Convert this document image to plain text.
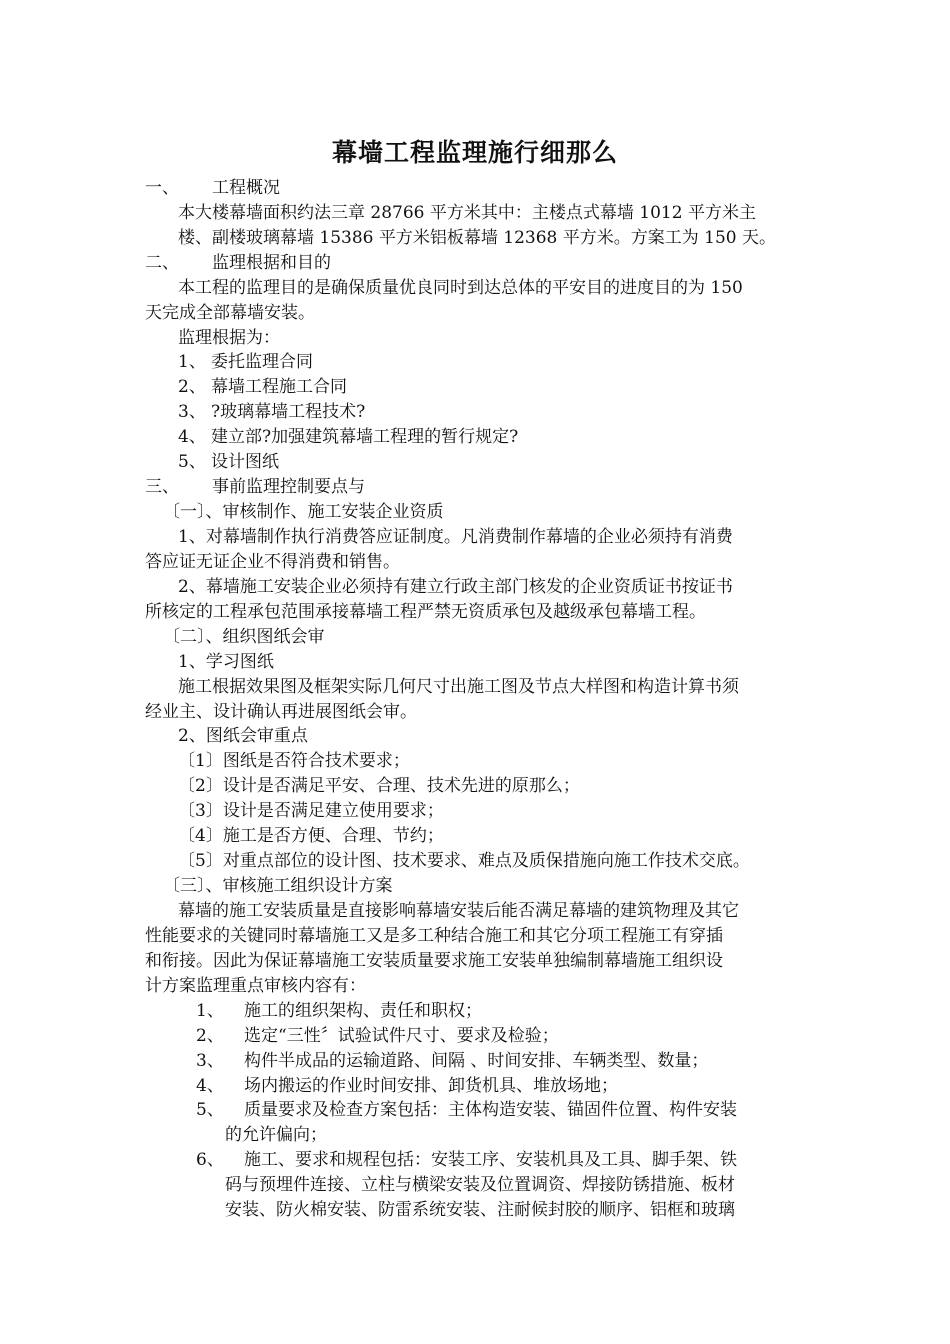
幕墙工程监理施行细那么
一、 工程概况
本大楼幕墙面积约法三章 28766 平方米其中：主楼点式幕墙 1012 平方米主
楼、副楼玻璃幕墙 15386 平方米铝板幕墙 12368 平方米。方案工为 150 天。
二、 监理根据和目的
本工程的监理目的是确保质量优良同时到达总体的平安目的进度目的为 150
天完成全部幕墙安装。
监理根据为：
1、 委托监理合同
2、 幕墙工程施工合同
3、 ?玻璃幕墙工程技术?
4、 建立部?加强建筑幕墙工程理的暂行规定?
5、 设计图纸
三、 事前监理控制要点与
〔一〕、审核制作、施工安装企业资质
1、对幕墙制作执行消费答应证制度。凡消费制作幕墙的企业必须持有消费
答应证无证企业不得消费和销售。
2、幕墙施工安装企业必须持有建立行政主部门核发的企业资质证书按证书
所核定的工程承包范围承接幕墙工程严禁无资质承包及越级承包幕墙工程。
〔二〕、组织图纸会审
1、学习图纸
施工根据效果图及框架实际几何尺寸出施工图及节点大样图和构造计算书须
经业主、设计确认再进展图纸会审。
2、图纸会审重点
〔1〕图纸是否符合技术要求；
〔2〕设计是否满足平安、合理、技术先进的原那么；
〔3〕设计是否满足建立使用要求；
〔4〕施工是否方便、合理、节约；
〔5〕对重点部位的设计图、技术要求、难点及质保措施向施工作技术交底。
〔三〕、审核施工组织设计方案
幕墙的施工安装质量是直接影响幕墙安装后能否满足幕墙的建筑物理及其它
性能要求的关键同时幕墙施工又是多工种结合施工和其它分项工程施工有穿插
和衔接。因此为保证幕墙施工安装质量要求施工安装单独编制幕墙施工组织设
计方案监理重点审核内容有：
1、 施工的组织架构、责任和职权；
2、 选定“三性〞试验试件尺寸、要求及检验；
3、 构件半成品的运输道路、间隔 、时间安排、车辆类型、数量；
4、 场内搬运的作业时间安排、卸货机具、堆放场地；
5、 质量要求及检查方案包括：主体构造安装、锚固件位置、构件安装
的允许偏向；
6、 施工、要求和规程包括：安装工序、安装机具及工具、脚手架、铁
码与预埋件连接、立柱与横梁安装及位置调资、焊接防锈措施、板材
安装、防火棉安装、防雷系统安装、注耐候封胶的顺序、铝框和玻璃
